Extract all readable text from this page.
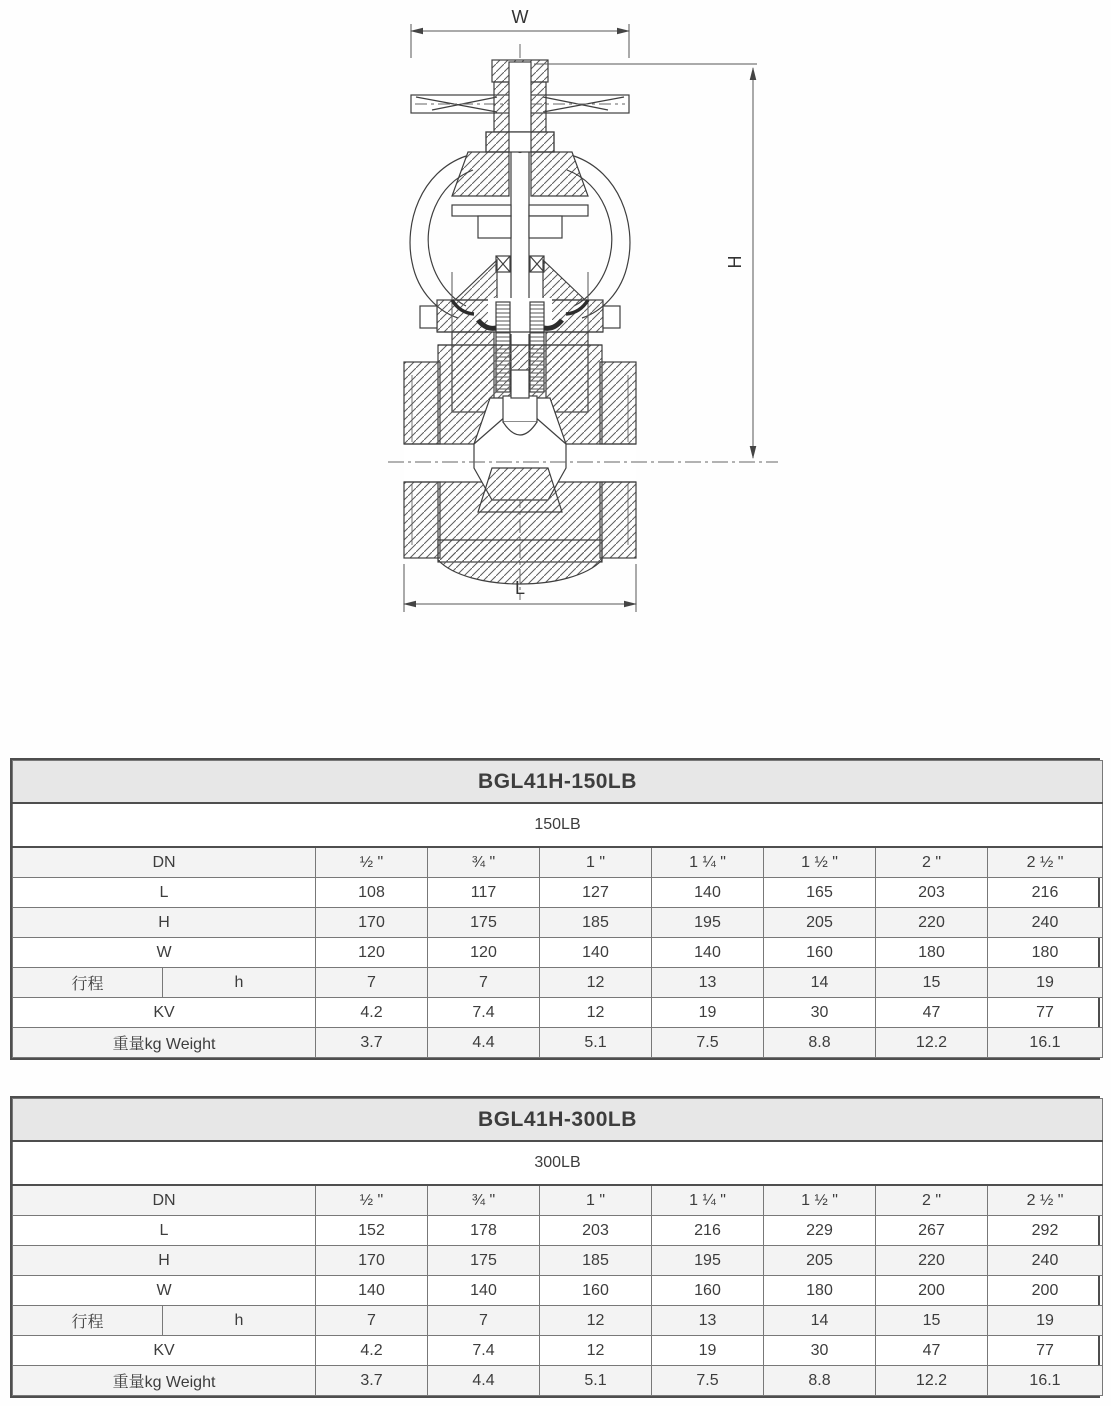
W
H
L
BGL41H-150LB								
150LB								
DN		½ "	¾ "	1 "	1 ¼ "	1 ½ "	2 "	2 ½ "
L		108	117	127	140	165	203	216
H		170	175	185	195	205	220	240
W		120	120	140	140	160	180	180
行程	h	7	7	12	13	14	15	19
KV		4.2	7.4	12	19	30	47	77
重量kg Weight		3.7	4.4	5.1	7.5	8.8	12.2	16.1
BGL41H-300LB								
300LB								
DN		½ "	¾ "	1 "	1 ¼ "	1 ½ "	2 "	2 ½ "
L		152	178	203	216	229	267	292
H		170	175	185	195	205	220	240
W		140	140	160	160	180	200	200
行程	h	7	7	12	13	14	15	19
KV		4.2	7.4	12	19	30	47	77
重量kg Weight		3.7	4.4	5.1	7.5	8.8	12.2	16.1
